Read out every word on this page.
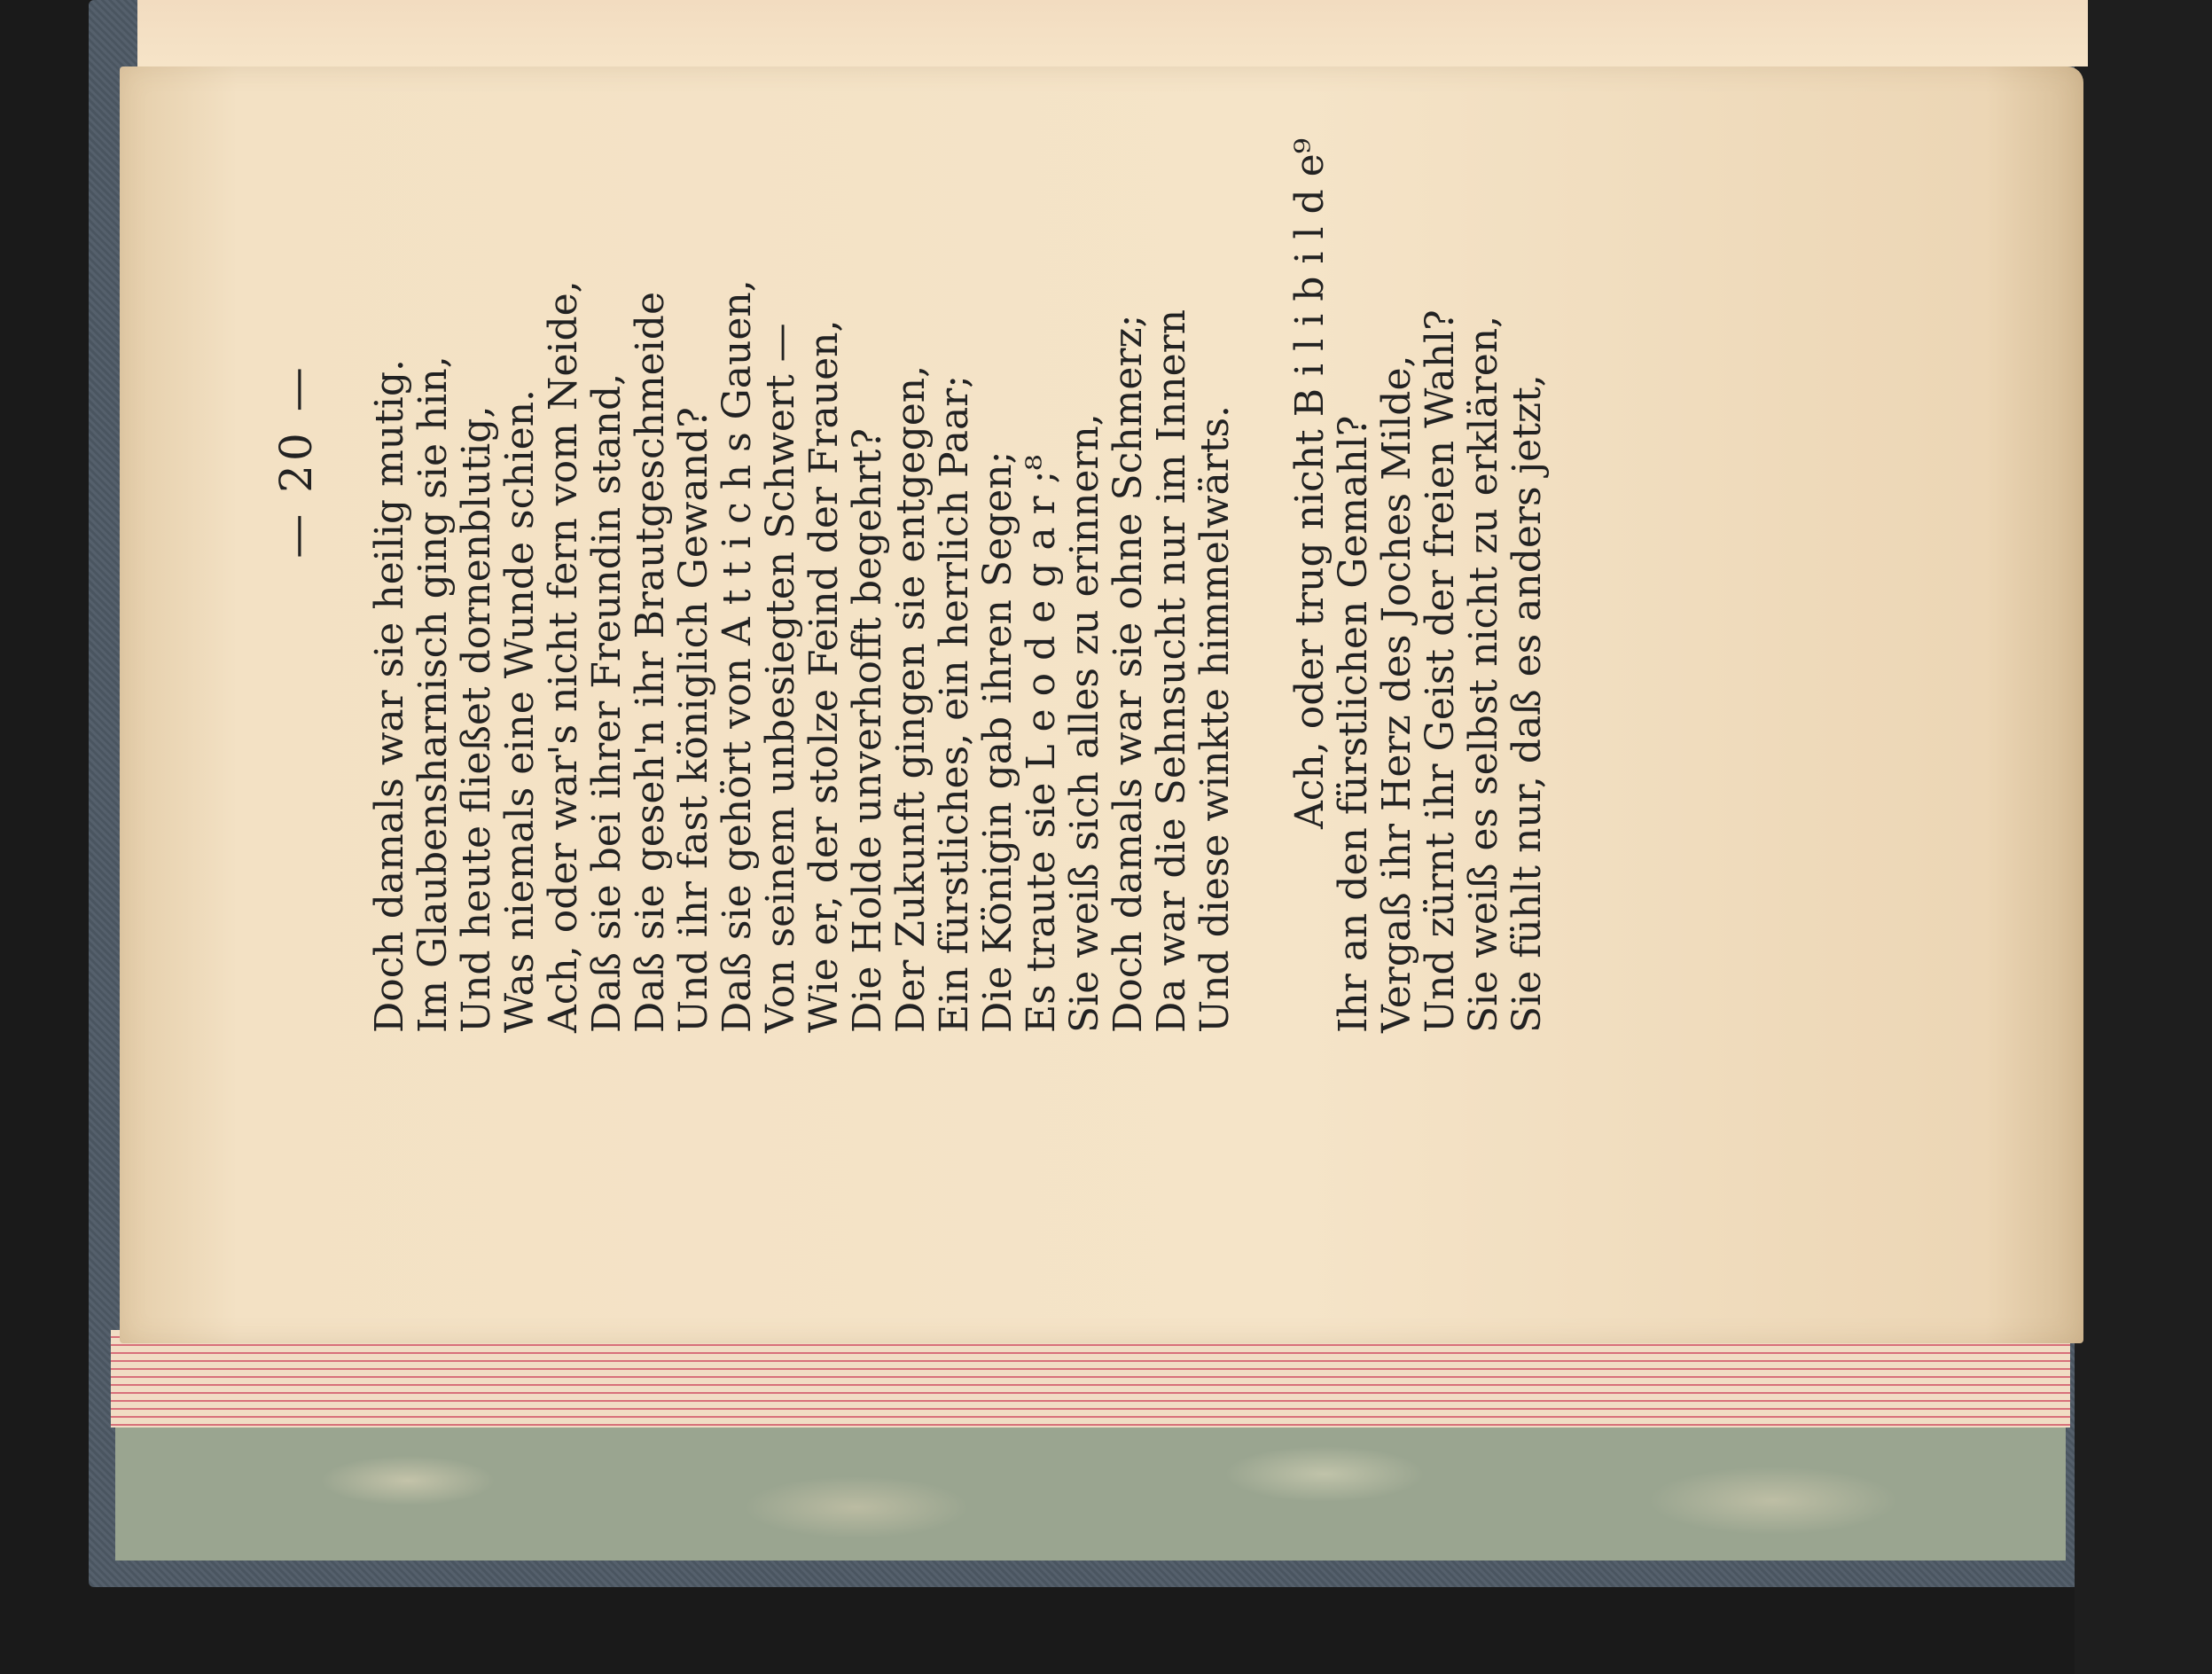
— 20 — Doch damals war sie heilig mutig.
Im Glaubensharnisch ging sie hin,
Und heute fließet dornenblutig,
Was niemals eine Wunde schien.
Ach, oder war's nicht fern vom Neide,
Daß sie bei ihrer Freundin stand,
Daß sie geseh'n ihr Brautgeschmeide
Und ihr fast königlich Gewand?
Daß sie gehört von A t t i c h s Gauen,
Von seinem unbesiegten Schwert —
Wie er, der stolze Feind der Frauen,
Die Holde unverhofft begehrt?
Der Zukunft gingen sie entgegen,
Ein fürstliches, ein herrlich Paar;
Die Königin gab ihren Segen;
Es traute sie L e o d e g a r ;⁸
Sie weiß sich alles zu erinnern,
Doch damals war sie ohne Schmerz;
Da war die Sehnsucht nur im Innern
Und diese winkte himmelwärts. Ach, oder trug nicht B i l i b i l d e⁹
Ihr an den fürstlichen Gemahl?
Vergaß ihr Herz des Joches Milde,
Und zürnt ihr Geist der freien Wahl?
Sie weiß es selbst nicht zu erklären,
Sie fühlt nur, daß es anders jetzt,
